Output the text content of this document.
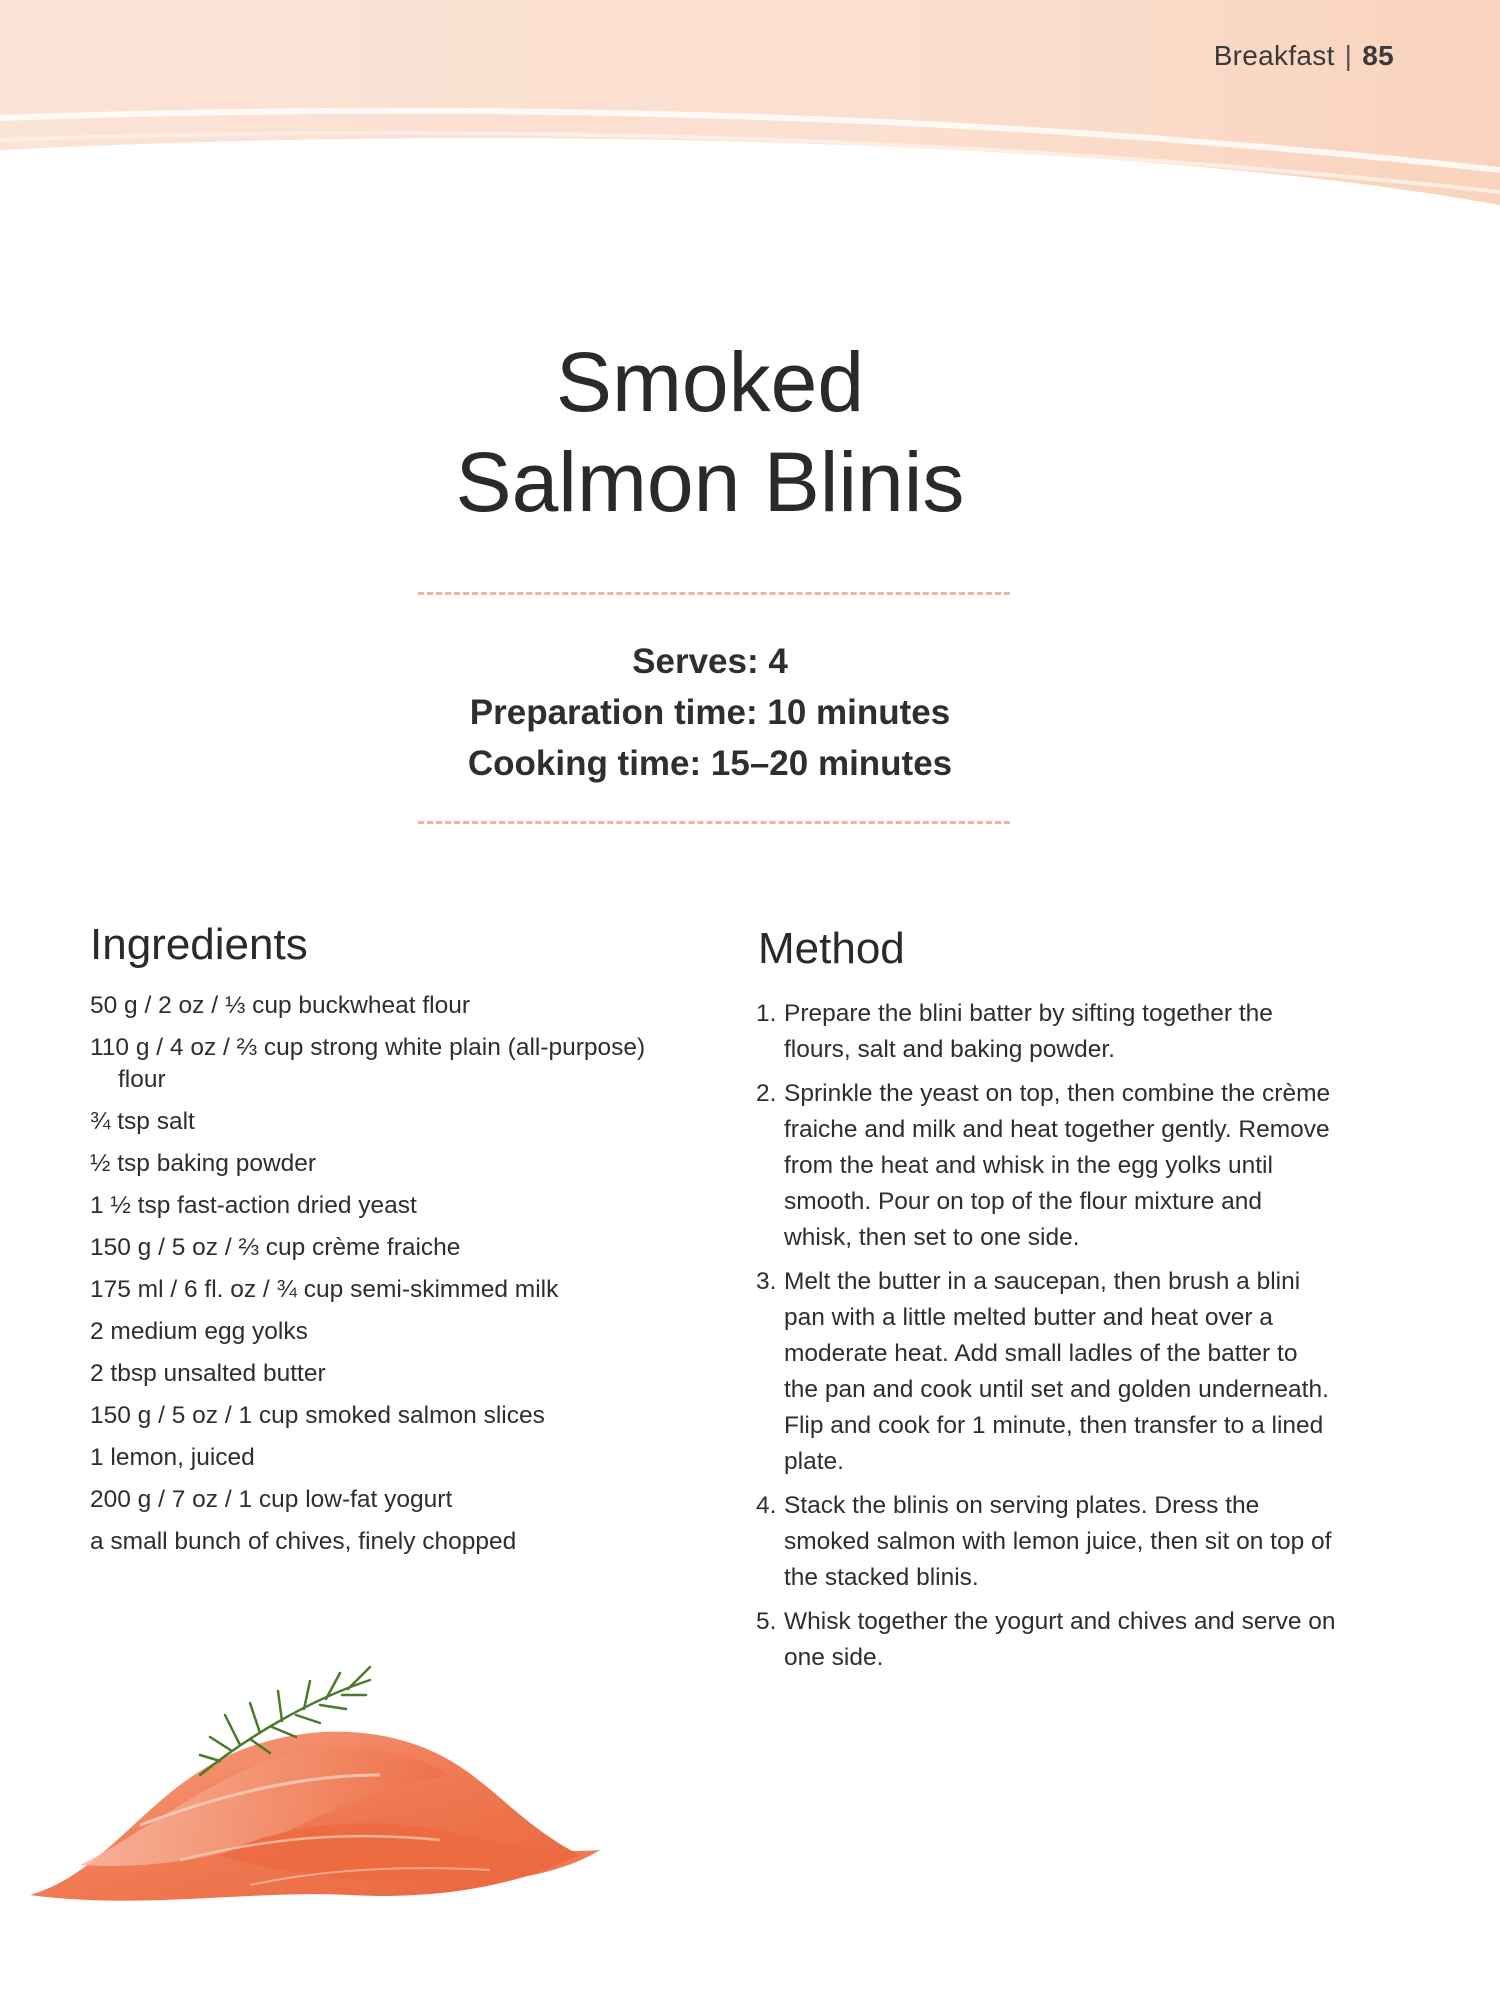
Breakfast | 85
Smoked
Salmon Blinis
Serves: 4
Preparation time: 10 minutes
Cooking time: 15–20 minutes
Ingredients
50 g / 2 oz / ⅓ cup buckwheat flour
110 g / 4 oz / ⅔ cup strong white plain (all-purpose) flour
¾ tsp salt
½ tsp baking powder
1 ½ tsp fast-action dried yeast
150 g / 5 oz / ⅔ cup crème fraiche
175 ml / 6 fl. oz / ¾ cup semi-skimmed milk
2 medium egg yolks
2 tbsp unsalted butter
150 g / 5 oz / 1 cup smoked salmon slices
1 lemon, juiced
200 g / 7 oz / 1 cup low-fat yogurt
a small bunch of chives, finely chopped
Method
1. Prepare the blini batter by sifting together the flours, salt and baking powder.
2. Sprinkle the yeast on top, then combine the crème fraiche and milk and heat together gently. Remove from the heat and whisk in the egg yolks until smooth. Pour on top of the flour mixture and whisk, then set to one side.
3. Melt the butter in a saucepan, then brush a blini pan with a little melted butter and heat over a moderate heat. Add small ladles of the batter to the pan and cook until set and golden underneath. Flip and cook for 1 minute, then transfer to a lined plate.
4. Stack the blinis on serving plates. Dress the smoked salmon with lemon juice, then sit on top of the stacked blinis.
5. Whisk together the yogurt and chives and serve on one side.
